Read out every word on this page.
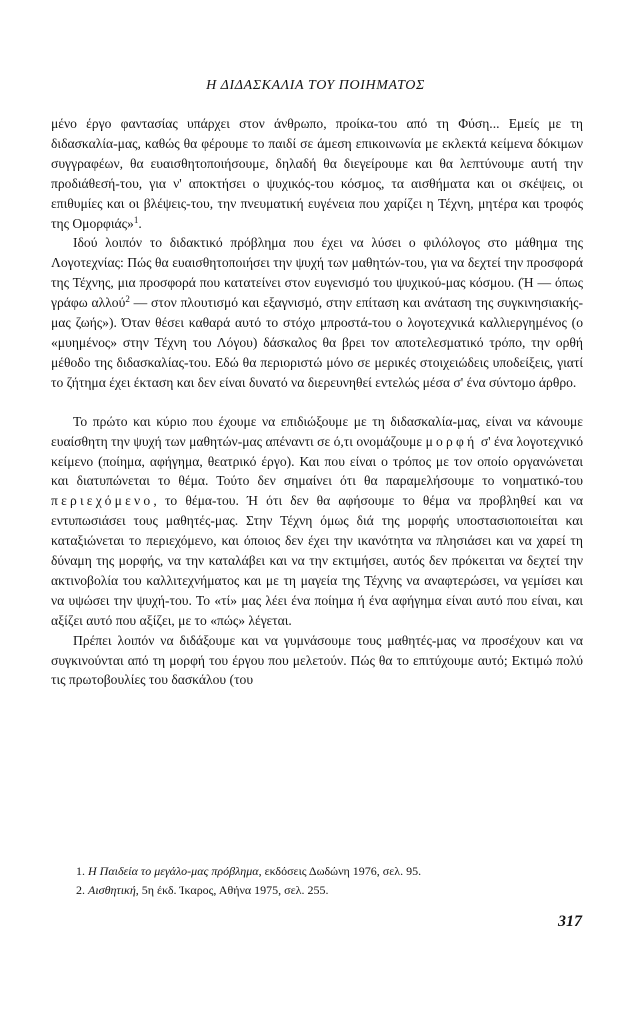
Η ΔΙΔΑΣΚΑΛΙΑ ΤΟΥ ΠΟΙΗΜΑΤΟΣ

μένο έργο φαντασίας υπάρχει στον άνθρωπο, προίκα-του από τη Φύση... Εμείς με τη διδασκαλία-μας, καθώς θα φέρουμε το παιδί σε άμεση επικοινωνία με εκλεκτά κείμενα δόκιμων συγγραφέων, θα ευαισθητοποιήσουμε, δηλαδή θα διεγείρουμε και θα λεπτύνουμε αυτή την προδιάθεσή-του, για ν' αποκτήσει ο ψυχικός-του κόσμος, τα αισθήματα και οι σκέψεις, οι επιθυμίες και οι βλέψεις-του, την πνευματική ευγένεια που χαρίζει η Τέχνη, μητέρα και τροφός της Ομορφιάς»$^1$.

Ιδού λοιπόν το διδακτικό πρόβλημα που έχει να λύσει ο φιλόλογος στο μάθημα της Λογοτεχνίας: Πώς θα ευαισθητοποιήσει την ψυχή των μαθητών-του, για να δεχτεί την προσφορά της Τέχνης, μια προσφορά που κατατείνει στον ευγενισμό του ψυχικού-μας κόσμου. (Ή — όπως γράφω αλλού$^2$ — στον πλουτισμό και εξαγνισμό, στην επίταση και ανάταση της συγκινησιακής-μας ζωής»). Όταν θέσει καθαρά αυτό το στόχο μπροστά-του ο λογοτεχνικά καλλιεργημένος (ο «μυημένος» στην Τέχνη του Λόγου) δάσκαλος θα βρει τον αποτελεσματικό τρόπο, την ορθή μέθοδο της διδασκαλίας-του. Εδώ θα περιοριστώ μόνο σε μερικές στοιχειώδεις υποδείξεις, γιατί το ζήτημα έχει έκταση και δεν είναι δυνατό να διερευνηθεί εντελώς μέσα σ' ένα σύντομο άρθρο.

Το πρώτο και κύριο που έχουμε να επιδιώξουμε με τη διδασκαλία-μας, είναι να κάνουμε ευαίσθητη την ψυχή των μαθητών-μας απέναντι σε ό,τι ονομάζουμε μορφή σ' ένα λογοτεχνικό κείμενο (ποίημα, αφήγημα, θεατρικό έργο). Και που είναι ο τρόπος με τον οποίο οργανώνεται και διατυπώνεται το θέμα. Τούτο δεν σημαίνει ότι θα παραμελήσουμε το νοηματικό-του περιεχόμενο, το θέμα-του. Ή ότι δεν θα αφήσουμε το θέμα να προβληθεί και να εντυπωσιάσει τους μαθητές-μας. Στην Τέχνη όμως διά της μορφής υποστασιοποιείται και καταξιώνεται το περιεχόμενο, και όποιος δεν έχει την ικανότητα να πλησιάσει και να χαρεί τη δύναμη της μορφής, να την καταλάβει και να την εκτιμήσει, αυτός δεν πρόκειται να δεχτεί την ακτινοβολία του καλλιτεχνήματος και με τη μαγεία της Τέχνης να αναφτερώσει, να γεμίσει και να υψώσει την ψυχή-του. Το «τί» μας λέει ένα ποίημα ή ένα αφήγημα είναι αυτό που είναι, και αξίζει αυτό που αξίζει, με το «πώς» λέγεται.

Πρέπει λοιπόν να διδάξουμε και να γυμνάσουμε τους μαθητές-μας να προσέχουν και να συγκινούνται από τη μορφή του έργου που μελετούν. Πώς θα το επιτύχουμε αυτό; Εκτιμώ πολύ τις πρωτοβουλίες του δασκάλου (του

1. Η Παιδεία το μεγάλο-μας πρόβλημα, εκδόσεις Δωδώνη 1976, σελ. 95.
2. Αισθητική, 5η έκδ. Ίκαρος, Αθήνα 1975, σελ. 255.
317
